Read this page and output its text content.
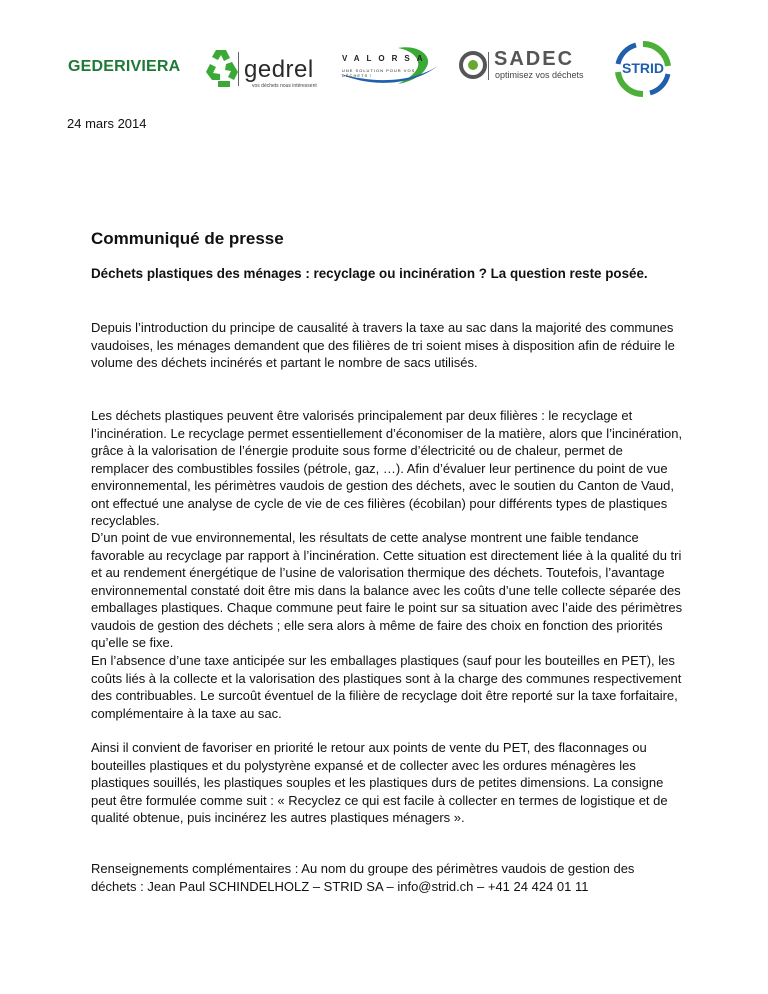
GEDERIVIERA	gedrel
vos déchets nous intéressent
VALORSA
UNE SOLUTION POUR VOS DÉCHETS !
SADEC
optimisez vos déchets	STRID
24 mars 2014
Communiqué de presse
Déchets plastiques des ménages : recyclage ou incinération ? La question reste posée.

Depuis l’introduction du principe de causalité à travers la taxe au sac dans la majorité des communes vaudoises, les ménages demandent que des filières de tri soient mises à disposition afin de réduire le volume des déchets incinérés et partant le nombre de sacs utilisés.

Les déchets plastiques peuvent être valorisés principalement par deux filières : le recyclage et l’incinération. Le recyclage permet essentiellement d’économiser de la matière, alors que l’incinération, grâce à la valorisation de l’énergie produite sous forme d’électricité ou de chaleur, permet de remplacer des combustibles fossiles (pétrole, gaz, …). Afin d’évaluer leur pertinence du point de vue environnemental, les périmètres vaudois de gestion des déchets, avec le soutien du Canton de Vaud, ont effectué une analyse de cycle de vie de ces filières (écobilan) pour différents types de plastiques recyclables.

D’un point de vue environnemental, les résultats de cette analyse montrent une faible tendance favorable au recyclage par rapport à l’incinération. Cette situation est directement liée à la qualité du tri et au rendement énergétique de l’usine de valorisation thermique des déchets. Toutefois, l’avantage environnemental constaté doit être mis dans la balance avec les coûts d’une telle collecte séparée des emballages plastiques. Chaque commune peut faire le point sur sa situation avec l’aide des périmètres vaudois de gestion des déchets ; elle sera alors à même de faire des choix en fonction des priorités qu’elle se fixe.

En l’absence d’une taxe anticipée sur les emballages plastiques (sauf pour les bouteilles en PET), les coûts liés à la collecte et la valorisation des plastiques sont à la charge des communes respectivement des contribuables. Le surcoût éventuel de la filière de recyclage doit être reporté sur la taxe forfaitaire, complémentaire à la taxe au sac.

Ainsi il convient de favoriser en priorité le retour aux points de vente du PET, des flaconnages ou bouteilles plastiques et du polystyrène expansé et de collecter avec les ordures ménagères les plastiques souillés, les plastiques souples et les plastiques durs de petites dimensions. La consigne peut être formulée comme suit : « Recyclez ce qui est facile à collecter en termes de logistique et de qualité obtenue, puis incinérez les autres plastiques ménagers ».

Renseignements complémentaires : Au nom du groupe des périmètres vaudois de gestion des déchets : Jean Paul SCHINDELHOLZ – STRID SA – info@strid.ch – +41 24 424 01 11
